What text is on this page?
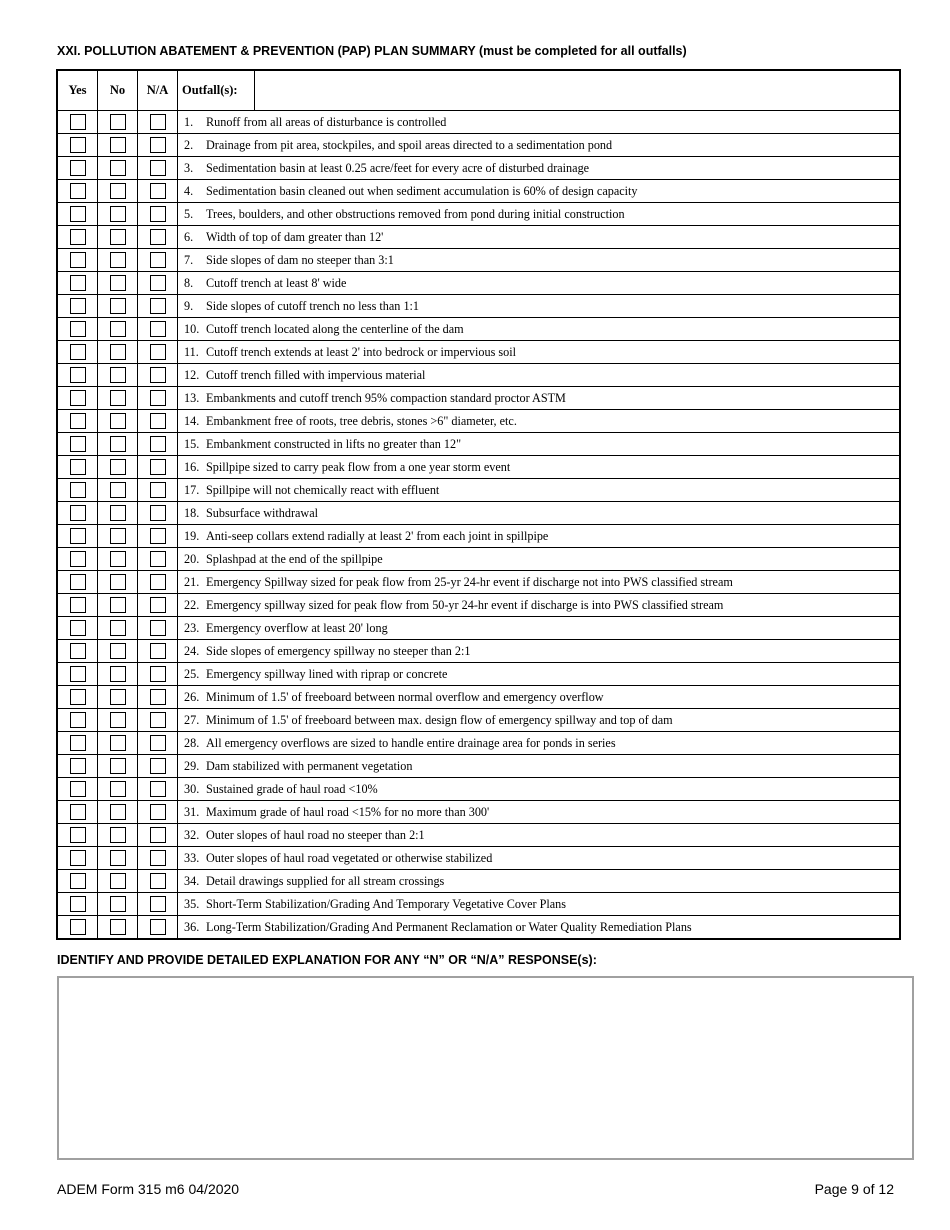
XXI. POLLUTION ABATEMENT & PREVENTION (PAP) PLAN SUMMARY (must be completed for all outfalls)
Yes	No	N/A	Outfall(s):

			1. Runoff from all areas of disturbance is controlled
			2. Drainage from pit area, stockpiles, and spoil areas directed to a sedimentation pond
			3. Sedimentation basin at least 0.25 acre/feet for every acre of disturbed drainage
			4. Sedimentation basin cleaned out when sediment accumulation is 60% of design capacity
			5. Trees, boulders, and other obstructions removed from pond during initial construction
			6. Width of top of dam greater than 12'
			7. Side slopes of dam no steeper than 3:1
			8. Cutoff trench at least 8' wide
			9. Side slopes of cutoff trench no less than 1:1
			10. Cutoff trench located along the centerline of the dam
			11. Cutoff trench extends at least 2' into bedrock or impervious soil
			12. Cutoff trench filled with impervious material
			13. Embankments and cutoff trench 95% compaction standard proctor ASTM
			14. Embankment free of roots, tree debris, stones >6" diameter, etc.
			15. Embankment constructed in lifts no greater than 12"
			16. Spillpipe sized to carry peak flow from a one year storm event
			17. Spillpipe will not chemically react with effluent
			18. Subsurface withdrawal
			19. Anti-seep collars extend radially at least 2' from each joint in spillpipe
			20. Splashpad at the end of the spillpipe
			21. Emergency Spillway sized for peak flow from 25-yr 24-hr event if discharge not into PWS classified stream
			22. Emergency spillway sized for peak flow from 50-yr 24-hr event if discharge is into PWS classified stream
			23. Emergency overflow at least 20' long
			24. Side slopes of emergency spillway no steeper than 2:1
			25. Emergency spillway lined with riprap or concrete
			26. Minimum of 1.5' of freeboard between normal overflow and emergency overflow
			27. Minimum of 1.5' of freeboard between max. design flow of emergency spillway and top of dam
			28. All emergency overflows are sized to handle entire drainage area for ponds in series
			29. Dam stabilized with permanent vegetation
			30. Sustained grade of haul road <10%
			31. Maximum grade of haul road <15% for no more than 300'
			32. Outer slopes of haul road no steeper than 2:1
			33. Outer slopes of haul road vegetated or otherwise stabilized
			34. Detail drawings supplied for all stream crossings
			35. Short-Term Stabilization/Grading And Temporary Vegetative Cover Plans
			36. Long-Term Stabilization/Grading And Permanent Reclamation or Water Quality Remediation Plans
IDENTIFY AND PROVIDE DETAILED EXPLANATION FOR ANY “N” OR “N/A” RESPONSE(s):
ADEM Form 315 m6 04/2020	Page 9 of 12
